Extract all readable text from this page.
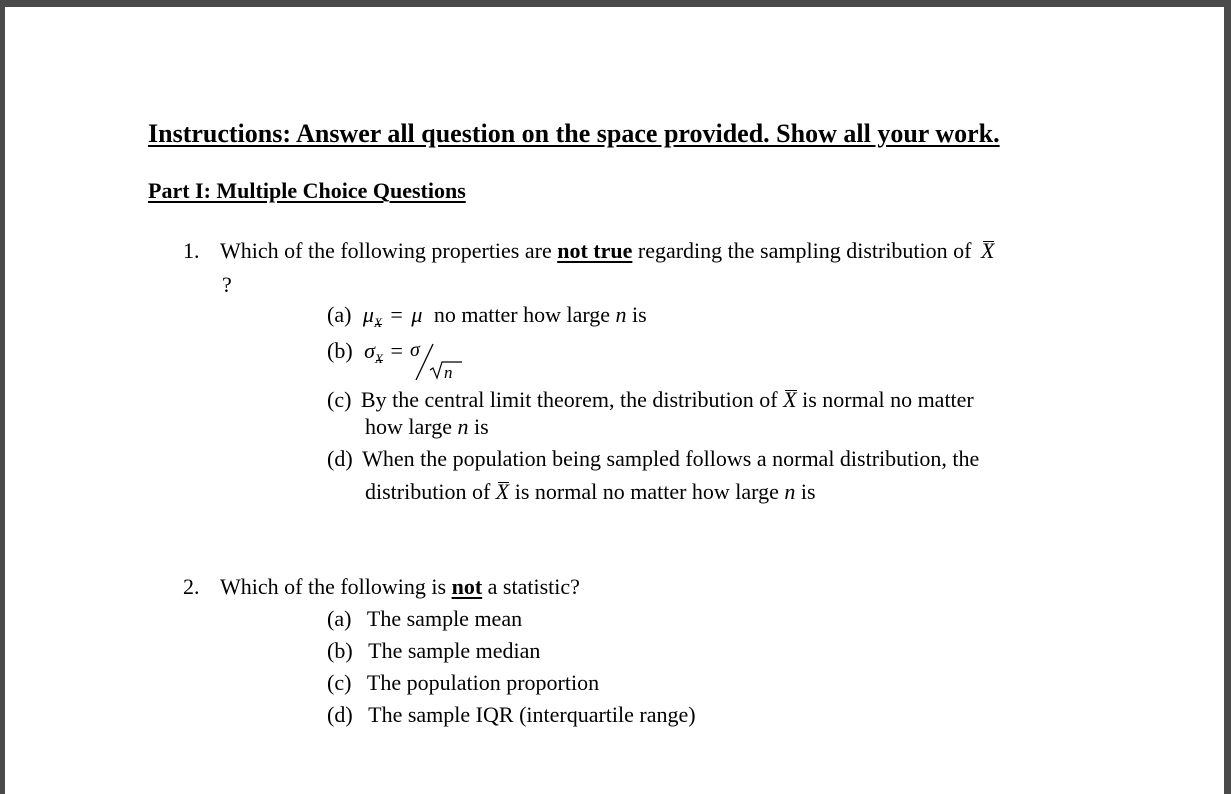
Instructions: Answer all question on the space provided. Show all your work.
Part I: Multiple Choice Questions
1. Which of the following properties are not true regarding the sampling distribution of X
?
(a) $\mu_X = \mu$ no matter how large n is
(b) $\sigma_X = \sigma$
n
(c) By the central limit theorem, the distribution of X is normal no matter
how large n is
(d) When the population being sampled follows a normal distribution, the
distribution of X is normal no matter how large n is
2. Which of the following is not a statistic?
(a) The sample mean
(b) The sample median
(c) The population proportion
(d) The sample IQR (interquartile range)
